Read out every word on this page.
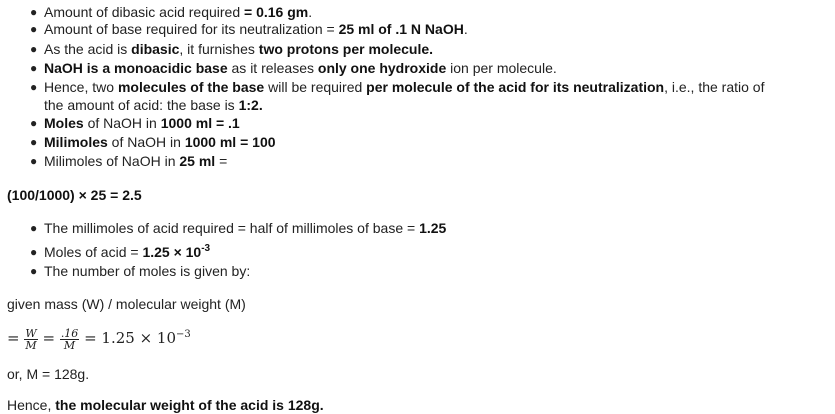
● Amount of dibasic acid required = 0.16 gm.
● Amount of base required for its neutralization = 25 ml of .1 N NaOH.
● As the acid is dibasic, it furnishes two protons per molecule.
● NaOH is a monoacidic base as it releases only one hydroxide ion per molecule.
● Hence, two molecules of the base will be required per molecule of the acid for its neutralization, i.e., the ratio of
the amount of acid: the base is 1:2.
● Moles of NaOH in 1000 ml = .1
● Milimoles of NaOH in 1000 ml = 100
● Milimoles of NaOH in 25 ml =
(100/1000) × 25 = 2.5
● The millimoles of acid required = half of millimoles of base = 1.25
● Moles of acid = $1.25 \times 10^{-3}$
● The number of moles is given by:
given mass (W) / molecular weight (M)
= $\frac{W}{M} = \frac{.16}{M} = 1.25 \times 10^{-3}$
or, M = 128g.
Hence, the molecular weight of the acid is 128g.
